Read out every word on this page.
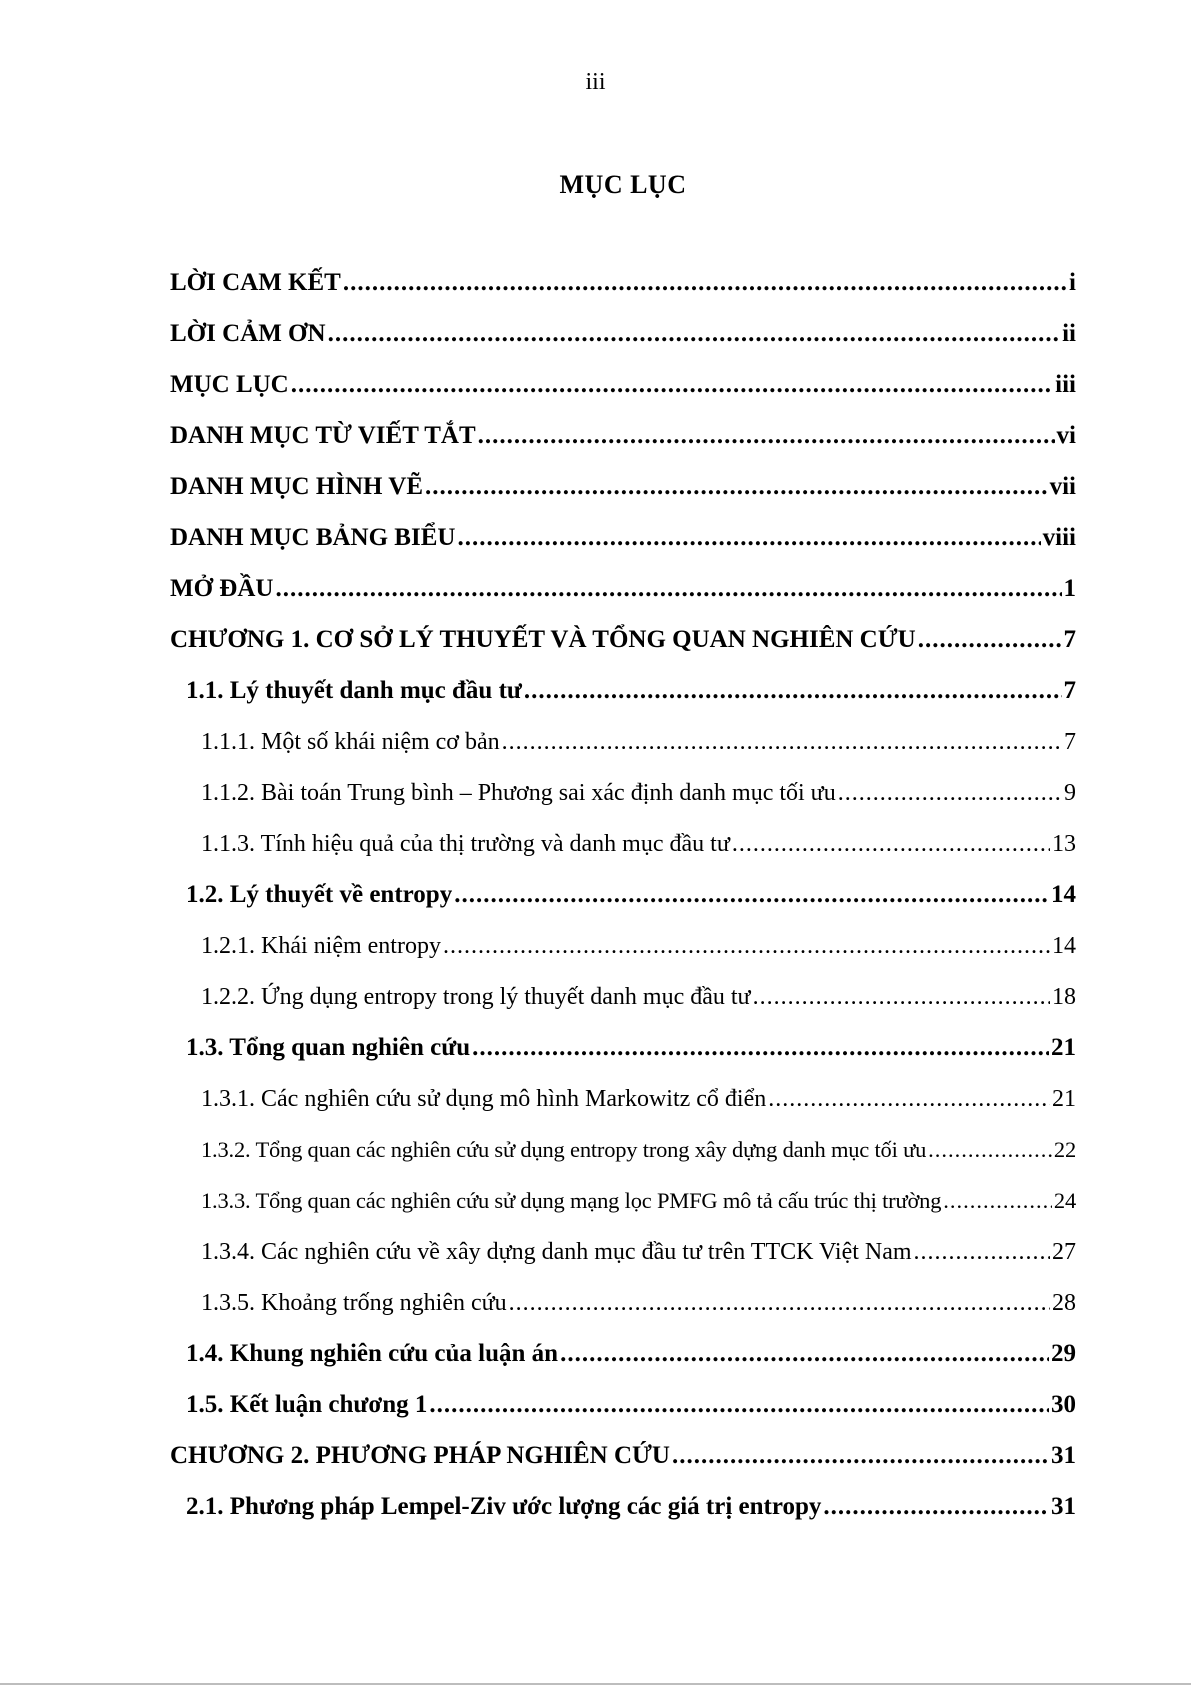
iii
MỤC LỤC
LỜI CAM KẾT .....	i
LỜI CẢM ƠN .....	ii
MỤC LỤC .....	iii
DANH MỤC TỪ VIẾT TẮT .....	vi
DANH MỤC HÌNH VẼ .....	vii
DANH MỤC BẢNG BIỂU .....	viii
MỞ ĐẦU .....	1
CHƯƠNG 1. CƠ SỞ LÝ THUYẾT VÀ TỔNG QUAN NGHIÊN CỨU .....	7
1.1. Lý thuyết danh mục đầu tư .....	7
1.1.1. Một số khái niệm cơ bản .....	7
1.1.2. Bài toán Trung bình – Phương sai xác định danh mục tối ưu .....	9
1.1.3. Tính hiệu quả của thị trường và danh mục đầu tư .....	13
1.2. Lý thuyết về entropy .....	14
1.2.1. Khái niệm entropy .....	14
1.2.2. Ứng dụng entropy trong lý thuyết danh mục đầu tư .....	18
1.3. Tổng quan nghiên cứu .....	21
1.3.1. Các nghiên cứu sử dụng mô hình Markowitz cổ điển .....	21
1.3.2. Tổng quan các nghiên cứu sử dụng entropy trong xây dựng danh mục tối ưu .....	22
1.3.3. Tổng quan các nghiên cứu sử dụng mạng lọc PMFG mô tả cấu trúc thị trường .....	24
1.3.4. Các nghiên cứu về xây dựng danh mục đầu tư trên TTCK Việt Nam .....	27
1.3.5. Khoảng trống nghiên cứu .....	28
1.4. Khung nghiên cứu của luận án .....	29
1.5. Kết luận chương 1 .....	30
CHƯƠNG 2. PHƯƠNG PHÁP NGHIÊN CỨU .....	31
2.1. Phương pháp Lempel-Ziv ước lượng các giá trị entropy .....	31
